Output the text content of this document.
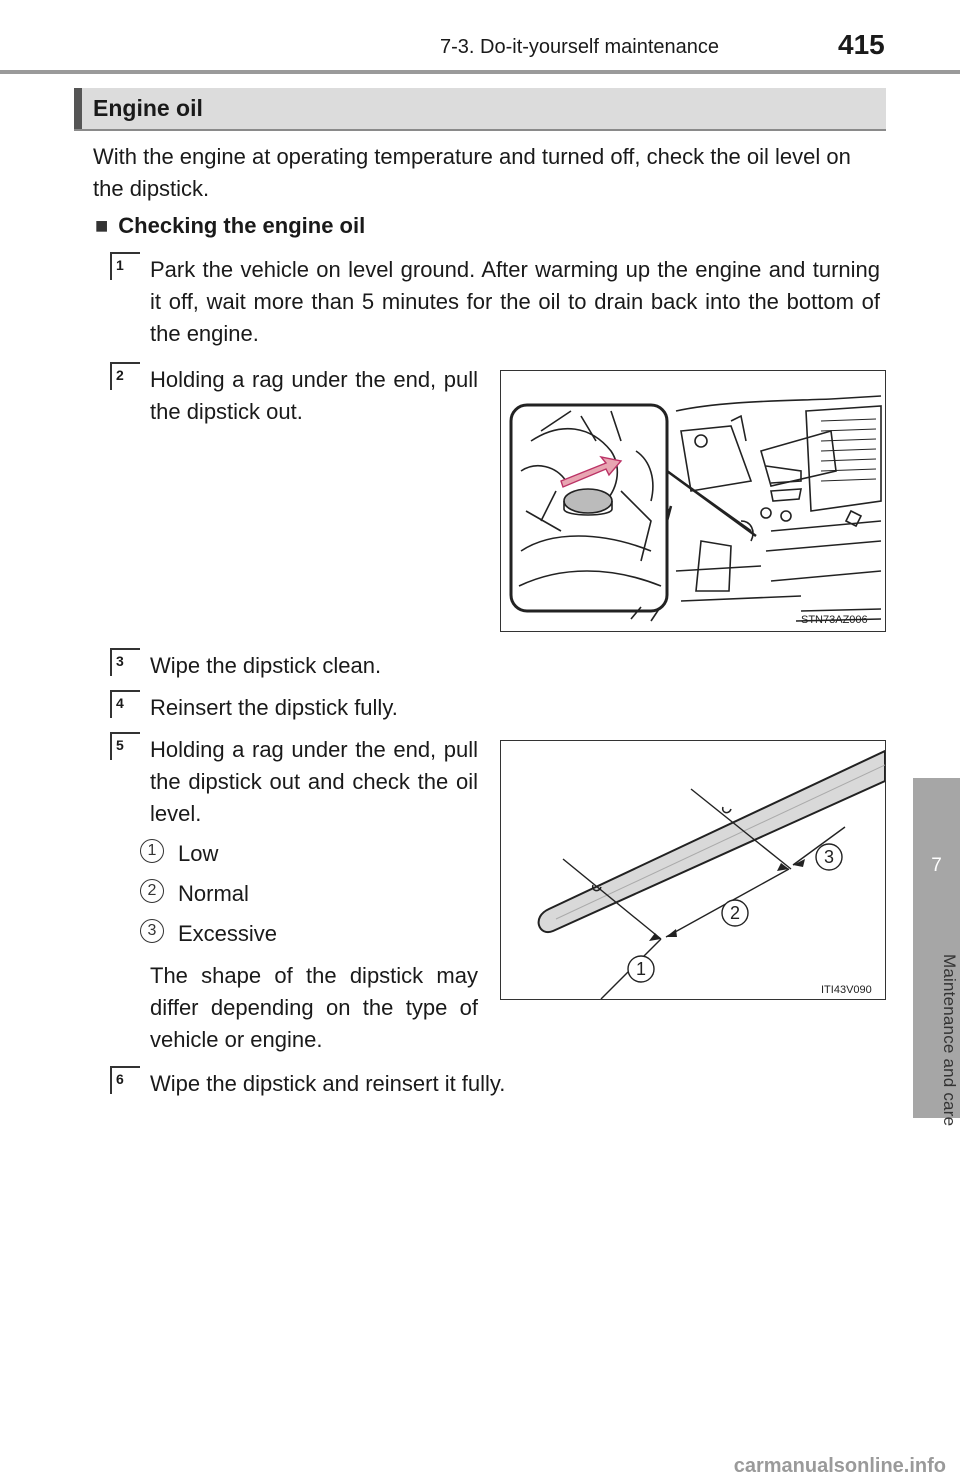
7-3. Do-it-yourself maintenance	415
7
Maintenance and care
Engine oil
With the engine at operating temperature and turned off, check the oil level on the dipstick.
■ Checking the engine oil
1 Park the vehicle on level ground. After warming up the engine and turning it off, wait more than 5 minutes for the oil to drain back into the bottom of the engine.
2 Holding a rag under the end, pull the dipstick out.
STN73AZ006
3 Wipe the dipstick clean.
4 Reinsert the dipstick fully.
5 Holding a rag under the end, pull the dipstick out and check the oil level.
1 Low
2 Normal
3 Excessive
The shape of the dipstick may differ depending on the type of vehicle or engine.
1
2
3
ITI43V090
6 Wipe the dipstick and reinsert it fully.
carmanualsonline.info
